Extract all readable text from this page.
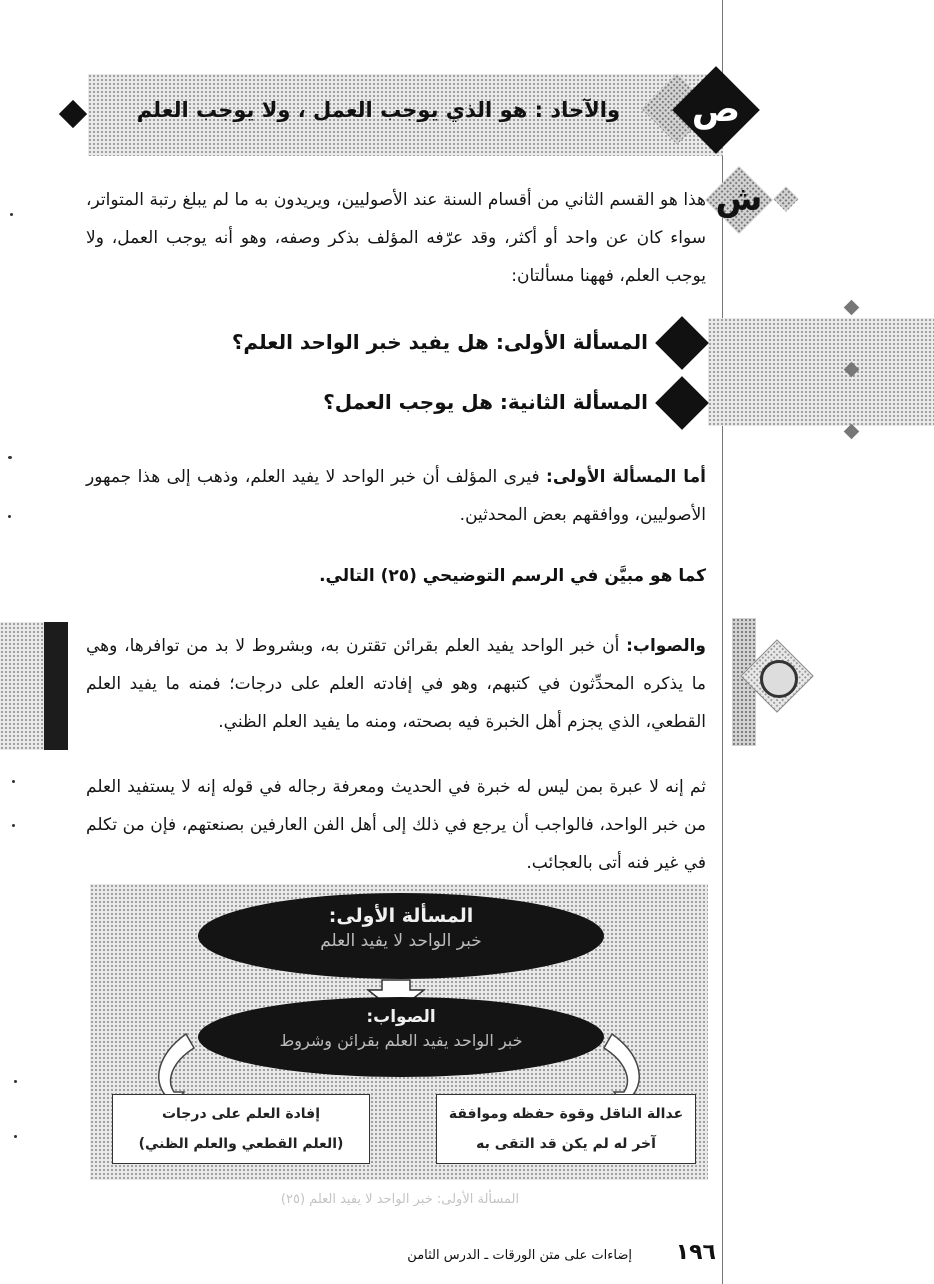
ص
والآحاد : هو الذي يوجب العمل ، ولا يوجب العلم
ش
هذا هو القسم الثاني من أقسام السنة عند الأصوليين، ويريدون به ما لم يبلغ رتبة المتواتر، سواء كان عن واحد أو أكثر، وقد عرّفه المؤلف بذكر وصفه، وهو أنه يوجب العمل، ولا يوجب العلم، فههنا مسألتان:
المسألة الأولى: هل يفيد خبر الواحد العلم؟
المسألة الثانية: هل يوجب العمل؟
أما المسألة الأولى: فيرى المؤلف أن خبر الواحد لا يفيد العلم، وذهب إلى هذا جمهور الأصوليين، ووافقهم بعض المحدثين.
كما هو مبيَّن في الرسم التوضيحي (٢٥) التالي.
والصواب: أن خبر الواحد يفيد العلم بقرائن تقترن به، وبشروط لا بد من توافرها، وهي ما يذكره المحدِّثون في كتبهم، وهو في إفادته العلم على درجات؛ فمنه ما يفيد العلم القطعي، الذي يجزم أهل الخبرة فيه بصحته، ومنه ما يفيد العلم الظني.
ثم إنه لا عبرة بمن ليس له خبرة في الحديث ومعرفة رجاله في قوله إنه لا يستفيد العلم من خبر الواحد، فالواجب أن يرجع في ذلك إلى أهل الفن العارفين بصنعتهم، فإن من تكلم في غير فنه أتى بالعجائب.
المسألة الأولى:
خبر الواحد لا يفيد العلم
الصواب:
خبر الواحد يفيد العلم بقرائن وشروط
عدالة الناقل وقوة حفظه وموافقة
آخر له لم يكن قد التقى به
إفادة العلم على درجات
(العلم القطعي والعلم الظني)
المسألة الأولى: خبر الواحد لا يفيد العلم (٢٥)
١٩٦
إضاءات على متن الورقات ـ الدرس الثامن
